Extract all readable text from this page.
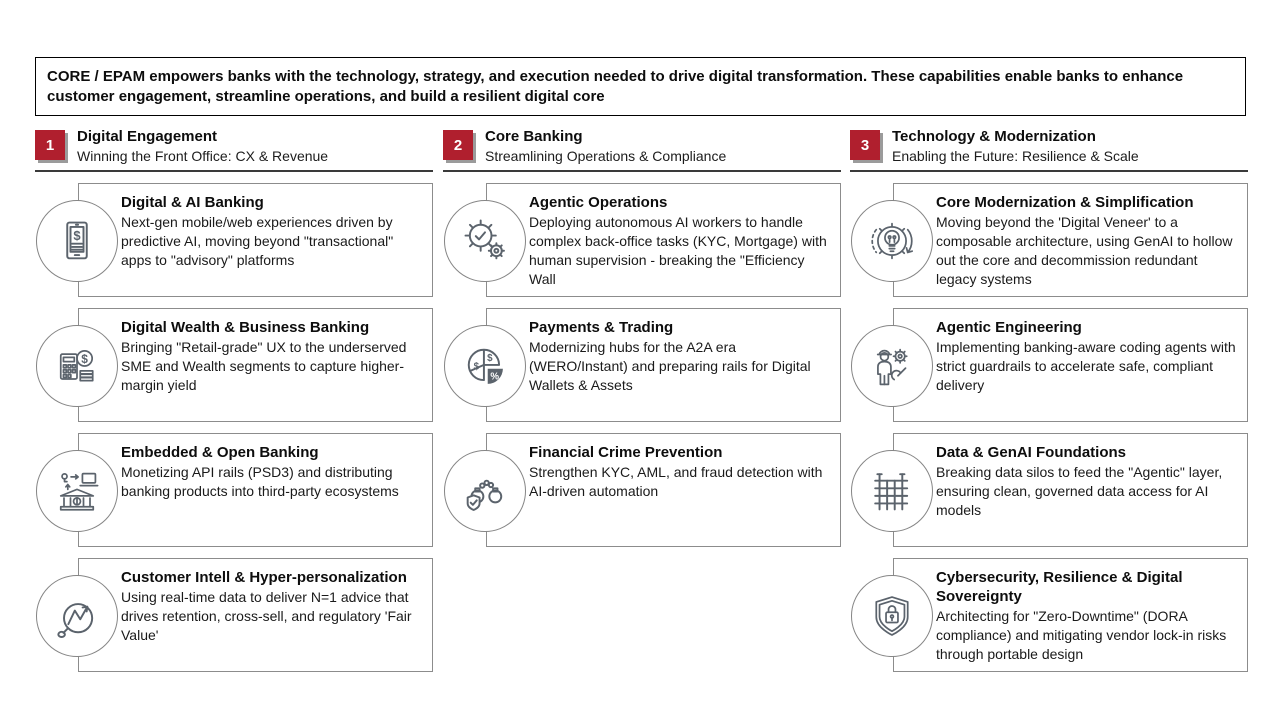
CORE / EPAM empowers banks with the technology, strategy, and execution needed to drive digital transformation. These capabilities enable banks to enhance customer engagement, streamline operations, and build a resilient digital core
1	Digital Engagement
Winning the Front Office: CX & Revenue
Digital & AI Banking
Next-gen mobile/web experiences driven by predictive AI, moving beyond "transactional" apps to "advisory" platforms
Digital Wealth & Business Banking
Bringing "Retail-grade" UX to the underserved SME and Wealth segments to capture higher-margin yield
Embedded & Open Banking
Monetizing API rails (PSD3) and distributing banking products into third-party ecosystems
Customer Intell & Hyper-personalization
Using real-time data to deliver N=1 advice that drives retention, cross-sell, and regulatory 'Fair Value'
2	Core Banking
Streamlining Operations & Compliance
Agentic Operations
Deploying autonomous AI workers to handle complex back-office tasks (KYC, Mortgage) with human supervision - breaking the "Efficiency Wall
Payments & Trading
Modernizing hubs for the A2A era (WERO/Instant) and preparing rails for Digital Wallets & Assets
Financial Crime Prevention
Strengthen KYC, AML, and fraud detection with AI-driven automation
3	Technology & Modernization
Enabling the Future: Resilience & Scale
Core Modernization & Simplification
Moving beyond the 'Digital Veneer' to a composable architecture, using GenAI to hollow out the core and decommission redundant legacy systems
Agentic Engineering
Implementing banking-aware coding agents with strict guardrails to accelerate safe, compliant delivery
Data & GenAI Foundations
Breaking data silos to feed the "Agentic" layer, ensuring clean, governed data access for AI models
Cybersecurity, Resilience & Digital Sovereignty
Architecting for "Zero-Downtime" (DORA compliance) and mitigating vendor lock-in risks through portable design
